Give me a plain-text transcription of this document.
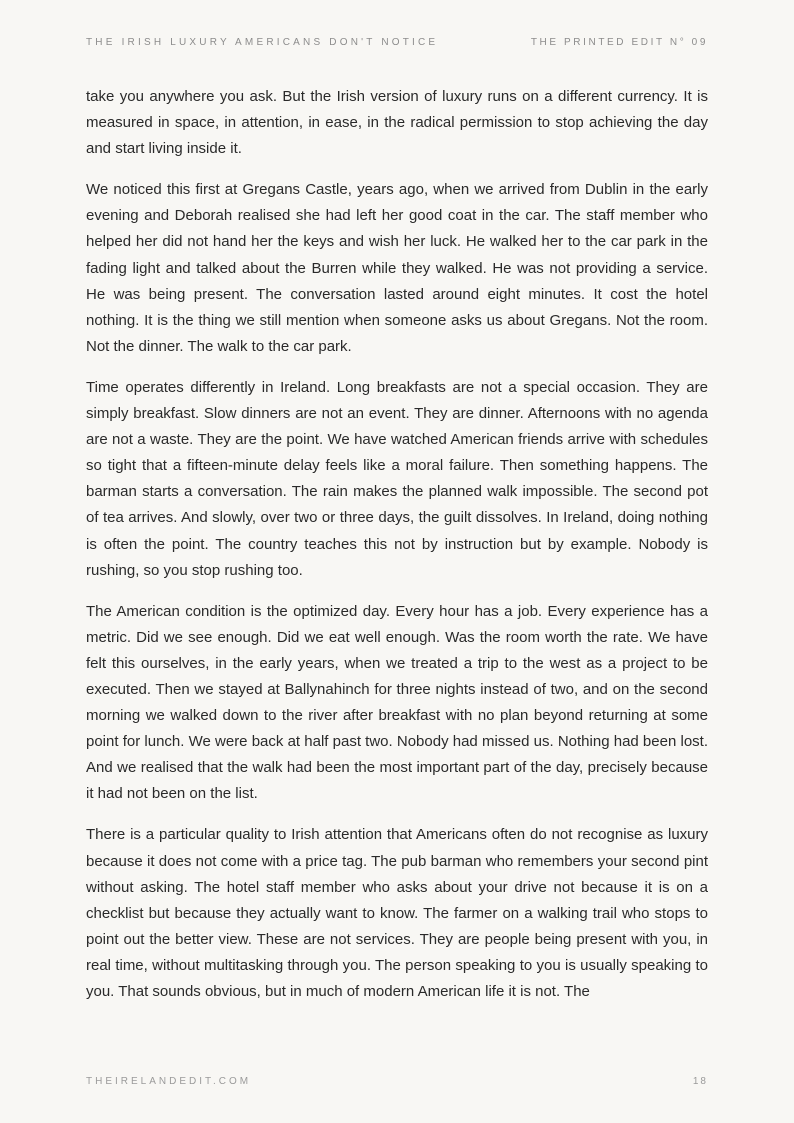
THE IRISH LUXURY AMERICANS DON'T NOTICE	THE PRINTED EDIT N° 09

take you anywhere you ask. But the Irish version of luxury runs on a different currency. It is measured in space, in attention, in ease, in the radical permission to stop achieving the day and start living inside it.

We noticed this first at Gregans Castle, years ago, when we arrived from Dublin in the early evening and Deborah realised she had left her good coat in the car. The staff member who helped her did not hand her the keys and wish her luck. He walked her to the car park in the fading light and talked about the Burren while they walked. He was not providing a service. He was being present. The conversation lasted around eight minutes. It cost the hotel nothing. It is the thing we still mention when someone asks us about Gregans. Not the room. Not the dinner. The walk to the car park.

Time operates differently in Ireland. Long breakfasts are not a special occasion. They are simply breakfast. Slow dinners are not an event. They are dinner. Afternoons with no agenda are not a waste. They are the point. We have watched American friends arrive with schedules so tight that a fifteen-minute delay feels like a moral failure. Then something happens. The barman starts a conversation. The rain makes the planned walk impossible. The second pot of tea arrives. And slowly, over two or three days, the guilt dissolves. In Ireland, doing nothing is often the point. The country teaches this not by instruction but by example. Nobody is rushing, so you stop rushing too.

The American condition is the optimized day. Every hour has a job. Every experience has a metric. Did we see enough. Did we eat well enough. Was the room worth the rate. We have felt this ourselves, in the early years, when we treated a trip to the west as a project to be executed. Then we stayed at Ballynahinch for three nights instead of two, and on the second morning we walked down to the river after breakfast with no plan beyond returning at some point for lunch. We were back at half past two. Nobody had missed us. Nothing had been lost. And we realised that the walk had been the most important part of the day, precisely because it had not been on the list.

There is a particular quality to Irish attention that Americans often do not recognise as luxury because it does not come with a price tag. The pub barman who remembers your second pint without asking. The hotel staff member who asks about your drive not because it is on a checklist but because they actually want to know. The farmer on a walking trail who stops to point out the better view. These are not services. They are people being present with you, in real time, without multitasking through you. The person speaking to you is usually speaking to you. That sounds obvious, but in much of modern American life it is not. The

THEIRELANDEDIT.COM	18
